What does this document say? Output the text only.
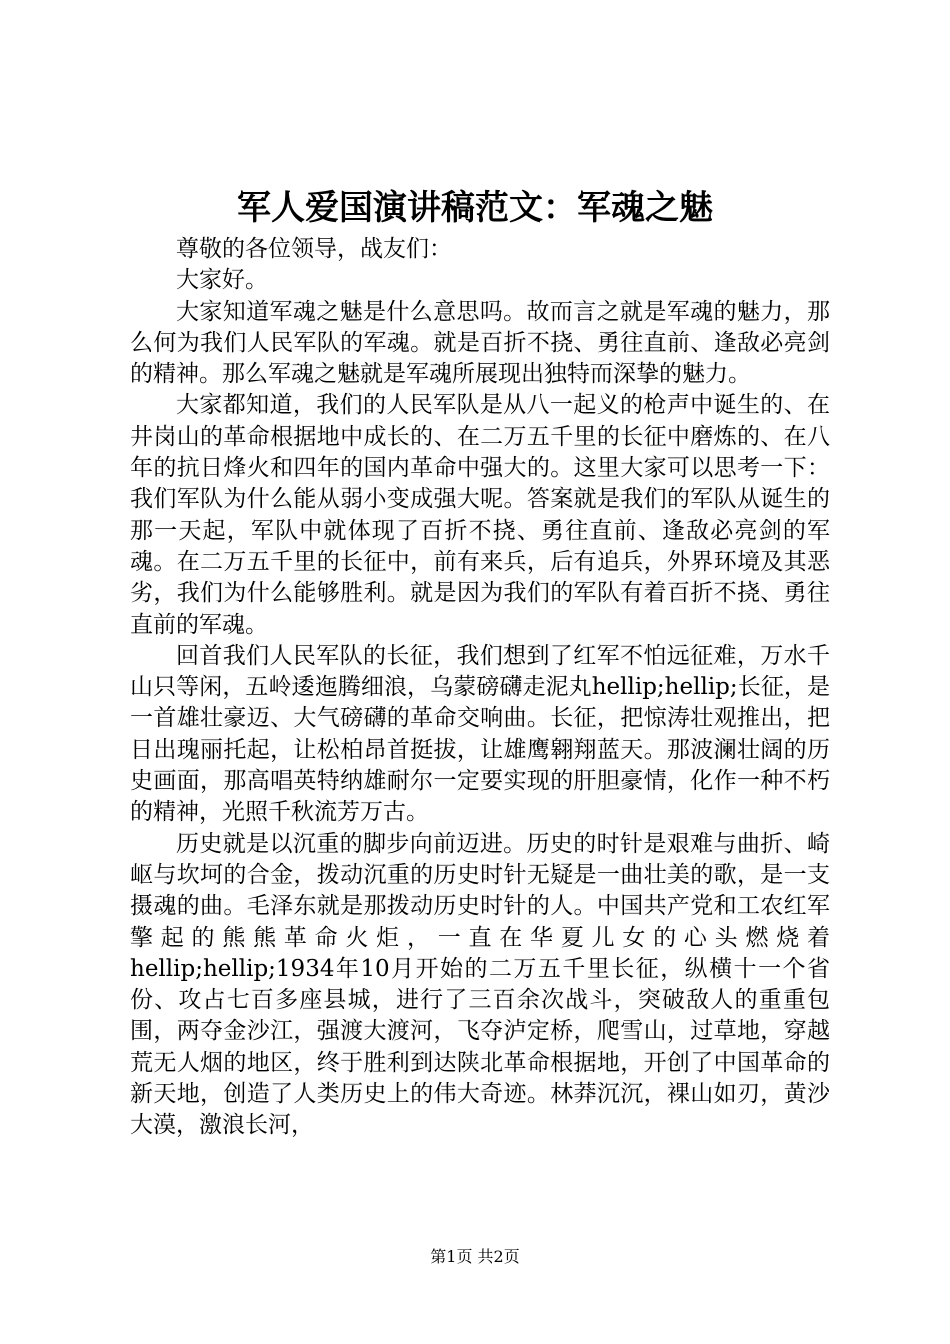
军人爱国演讲稿范文：军魂之魅

尊敬的各位领导，战友们：

大家好。

大家知道军魂之魅是什么意思吗。故而言之就是军魂的魅力，那么何为我们人民军队的军魂。就是百折不挠、勇往直前、逢敌必亮剑的精神。那么军魂之魅就是军魂所展现出独特而深挚的魅力。

大家都知道，我们的人民军队是从八一起义的枪声中诞生的、在井岗山的革命根据地中成长的、在二万五千里的长征中磨炼的、在八年的抗日烽火和四年的国内革命中强大的。这里大家可以思考一下：我们军队为什么能从弱小变成强大呢。答案就是我们的军队从诞生的那一天起，军队中就体现了百折不挠、勇往直前、逢敌必亮剑的军魂。在二万五千里的长征中，前有来兵，后有追兵，外界环境及其恶劣，我们为什么能够胜利。就是因为我们的军队有着百折不挠、勇往直前的军魂。

回首我们人民军队的长征，我们想到了红军不怕远征难，万水千山只等闲，五岭逶迤腾细浪，乌蒙磅礴走泥丸hellip;hellip;长征，是一首雄壮豪迈、大气磅礴的革命交响曲。长征，把惊涛壮观推出，把日出瑰丽托起，让松柏昂首挺拔，让雄鹰翱翔蓝天。那波澜壮阔的历史画面，那高唱英特纳雄耐尔一定要实现的肝胆豪情，化作一种不朽的精神，光照千秋流芳万古。

历史就是以沉重的脚步向前迈进。历史的时针是艰难与曲折、崎岖与坎坷的合金，拨动沉重的历史时针无疑是一曲壮美的歌，是一支摄魂的曲。毛泽东就是那拨动历史时针的人。中国共产党和工农红军擎起的熊熊革命火炬，一直在华夏儿女的心头燃烧着hellip;hellip;1934年10月开始的二万五千里长征，纵横十一个省份、攻占七百多座县城，进行了三百余次战斗，突破敌人的重重包围，两夺金沙江，强渡大渡河，飞夺泸定桥，爬雪山，过草地，穿越荒无人烟的地区，终于胜利到达陕北革命根据地，开创了中国革命的新天地，创造了人类历史上的伟大奇迹。林莽沉沉，裸山如刃，黄沙大漠，激浪长河，

第1页 共2页
